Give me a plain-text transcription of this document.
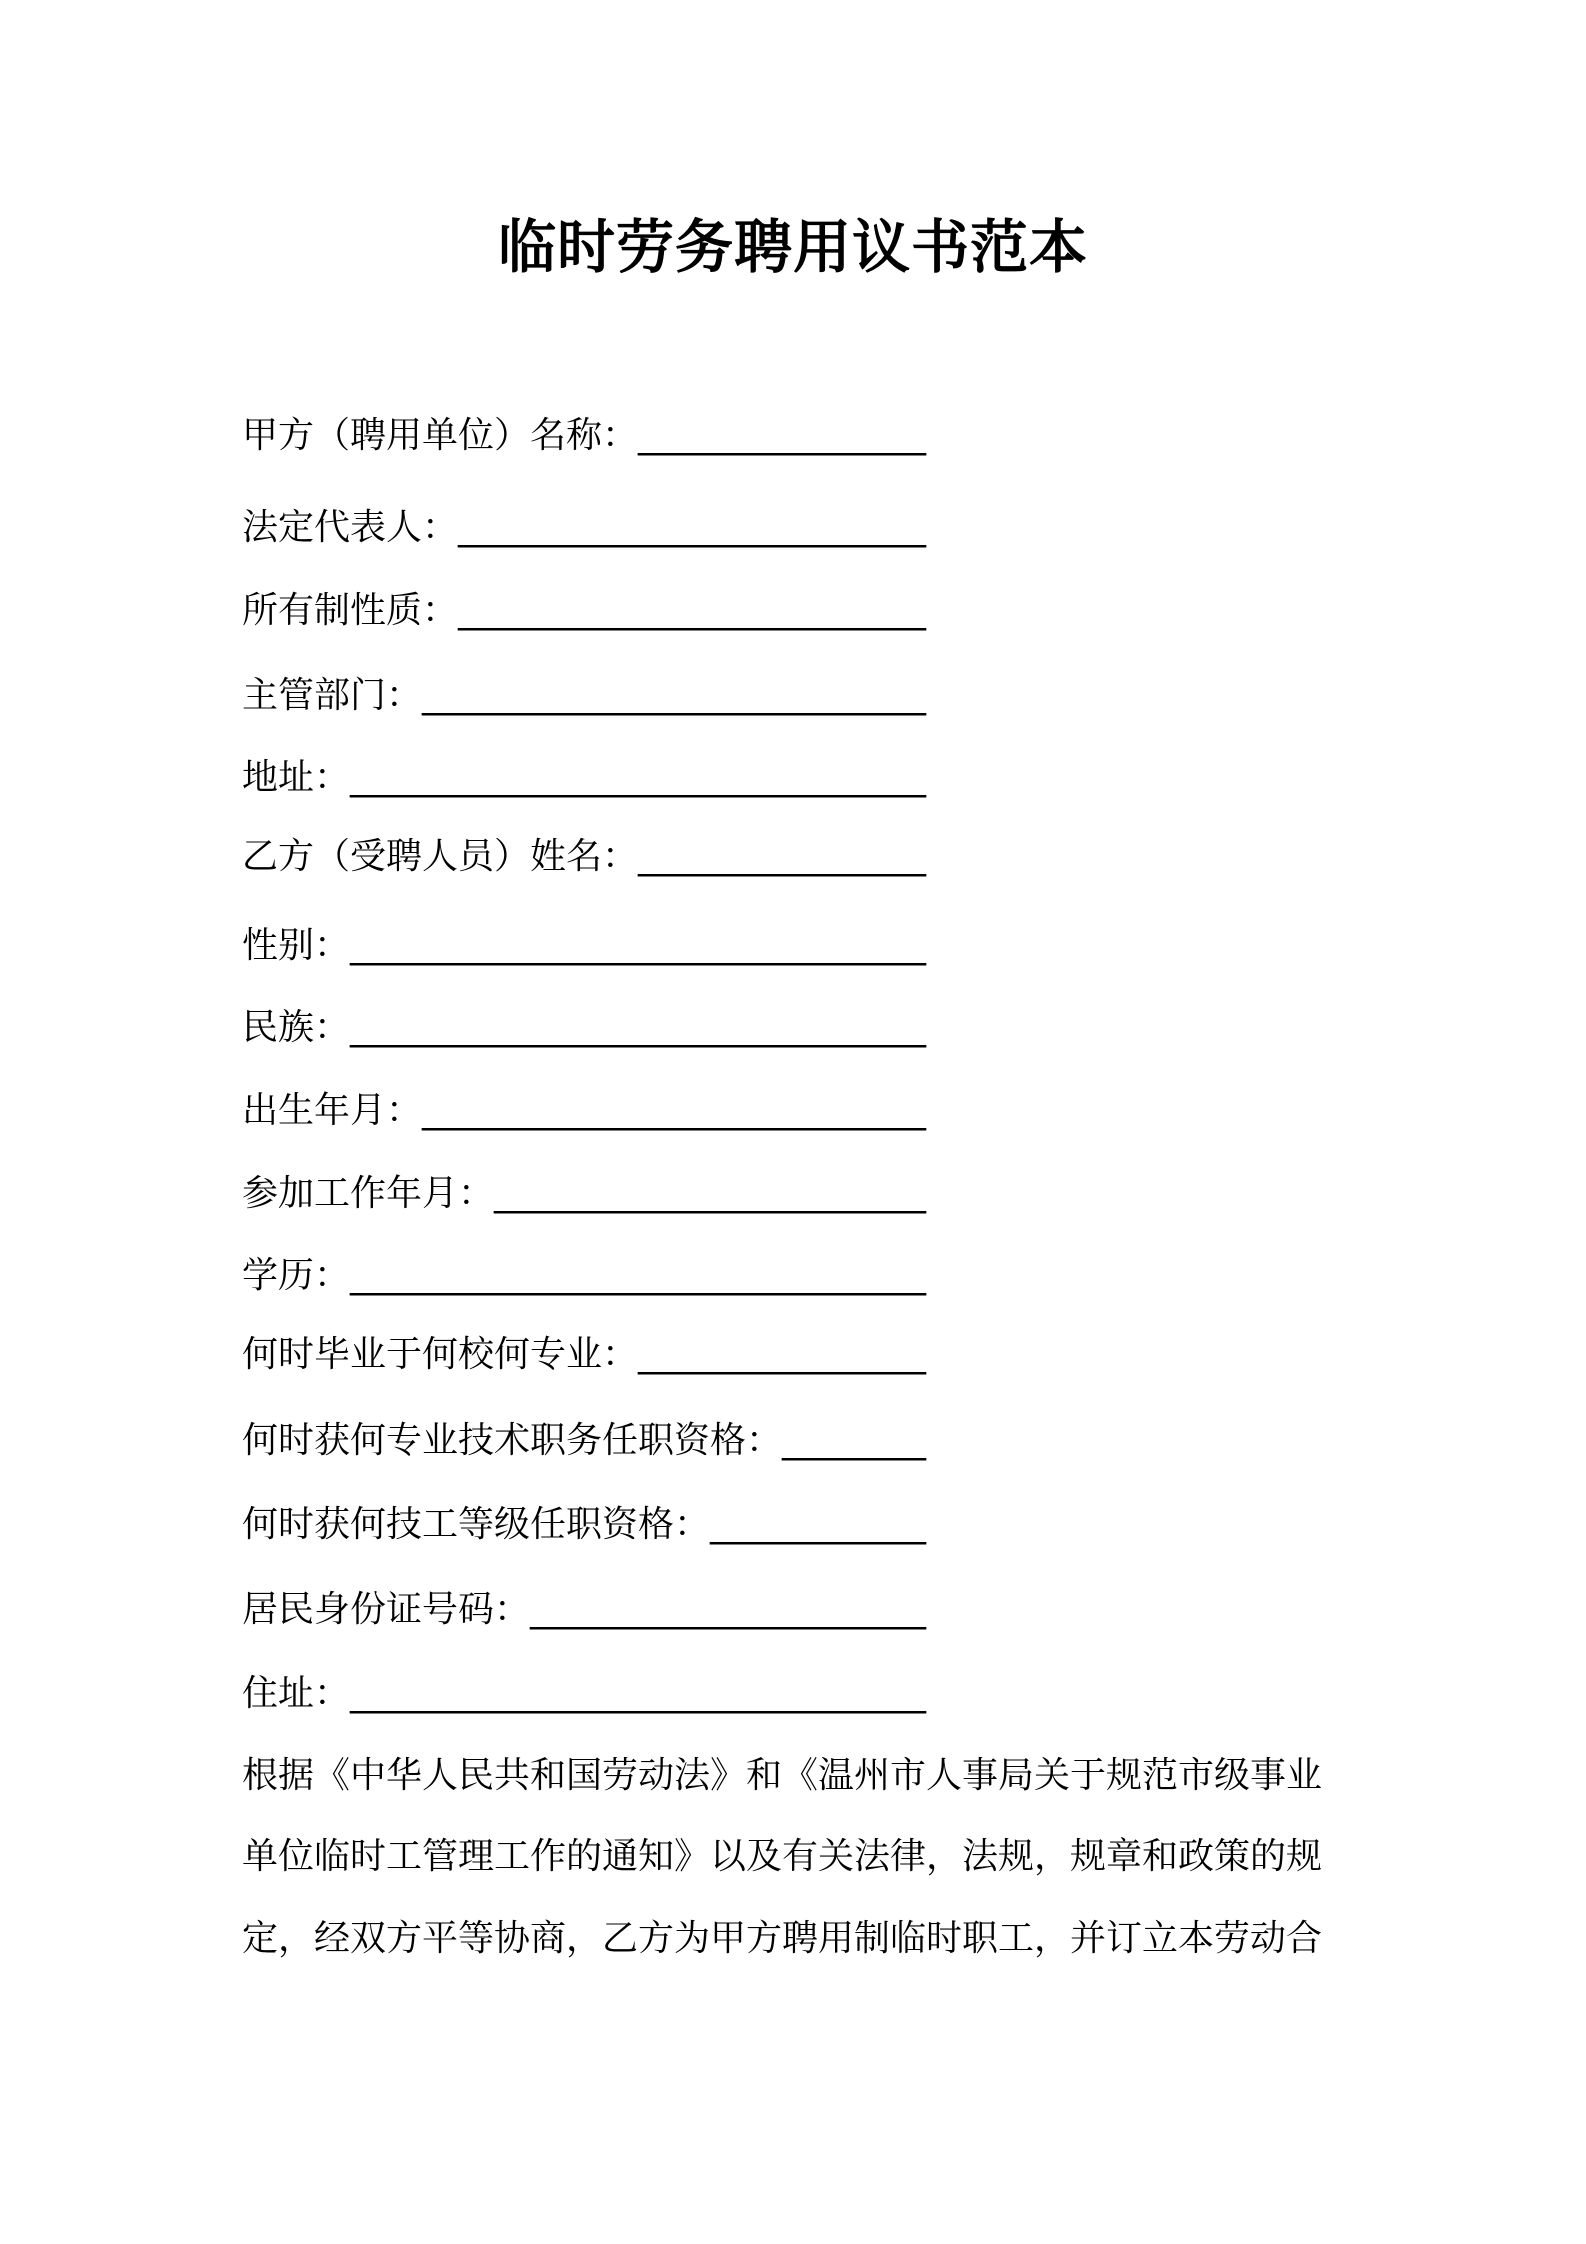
临时劳务聘用议书范本
甲方（聘用单位）名称：________________
法定代表人：__________________________
所有制性质：__________________________
主管部门：____________________________
地址：________________________________
乙方（受聘人员）姓名：________________
性别：________________________________
民族：________________________________
出生年月：____________________________
参加工作年月：________________________
学历：________________________________
何时毕业于何校何专业：________________
何时获何专业技术职务任职资格：________
何时获何技工等级任职资格：____________
居民身份证号码：______________________
住址：________________________________
根据《中华人民共和国劳动法》和《温州市人事局关于规范市级事业
单位临时工管理工作的通知》以及有关法律，法规，规章和政策的规
定，经双方平等协商，乙方为甲方聘用制临时职工，并订立本劳动合
